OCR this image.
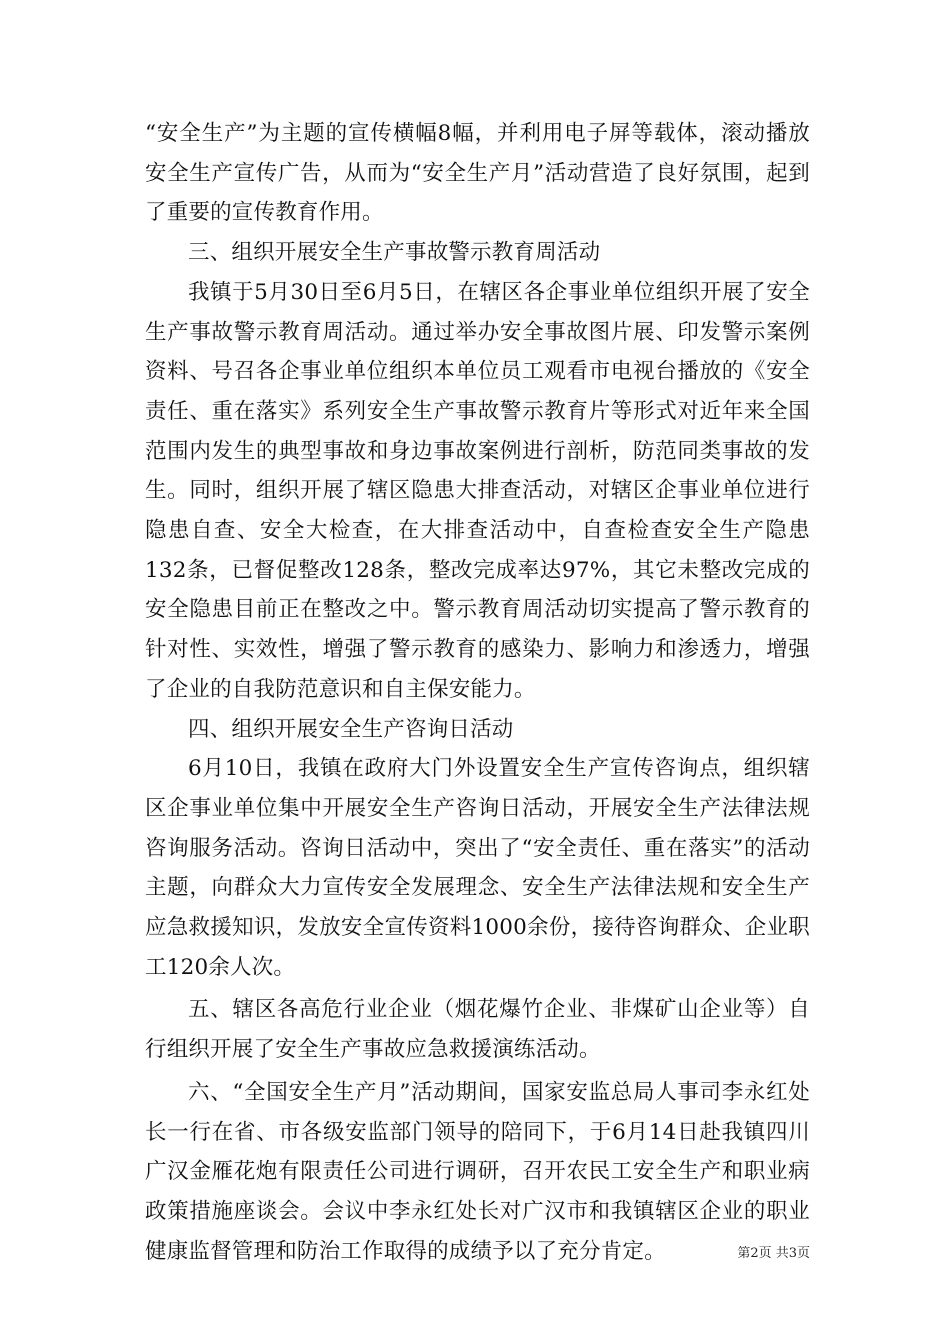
“安全生产”为主题的宣传横幅8幅，并利用电子屏等载体，滚动播放安全生产宣传广告，从而为“安全生产月”活动营造了良好氛围，起到了重要的宣传教育作用。

三、组织开展安全生产事故警示教育周活动

我镇于5月30日至6月5日，在辖区各企事业单位组织开展了安全生产事故警示教育周活动。通过举办安全事故图片展、印发警示案例资料、号召各企事业单位组织本单位员工观看市电视台播放的《安全责任、重在落实》系列安全生产事故警示教育片等形式对近年来全国范围内发生的典型事故和身边事故案例进行剖析，防范同类事故的发生。同时，组织开展了辖区隐患大排查活动，对辖区企事业单位进行隐患自查、安全大检查，在大排查活动中，自查检查安全生产隐患132条，已督促整改128条，整改完成率达97%，其它未整改完成的安全隐患目前正在整改之中。警示教育周活动切实提高了警示教育的针对性、实效性，增强了警示教育的感染力、影响力和渗透力，增强了企业的自我防范意识和自主保安能力。

四、组织开展安全生产咨询日活动

6月10日，我镇在政府大门外设置安全生产宣传咨询点，组织辖区企事业单位集中开展安全生产咨询日活动，开展安全生产法律法规咨询服务活动。咨询日活动中，突出了“安全责任、重在落实”的活动主题，向群众大力宣传安全发展理念、安全生产法律法规和安全生产应急救援知识，发放安全宣传资料1000余份，接待咨询群众、企业职工120余人次。

五、辖区各高危行业企业（烟花爆竹企业、非煤矿山企业等）自行组织开展了安全生产事故应急救援演练活动。

六、“全国安全生产月”活动期间，国家安监总局人事司李永红处长一行在省、市各级安监部门领导的陪同下，于6月14日赴我镇四川广汉金雁花炮有限责任公司进行调研，召开农民工安全生产和职业病政策措施座谈会。会议中李永红处长对广汉市和我镇辖区企业的职业健康监督管理和防治工作取得的成绩予以了充分肯定。	第2页 共3页
